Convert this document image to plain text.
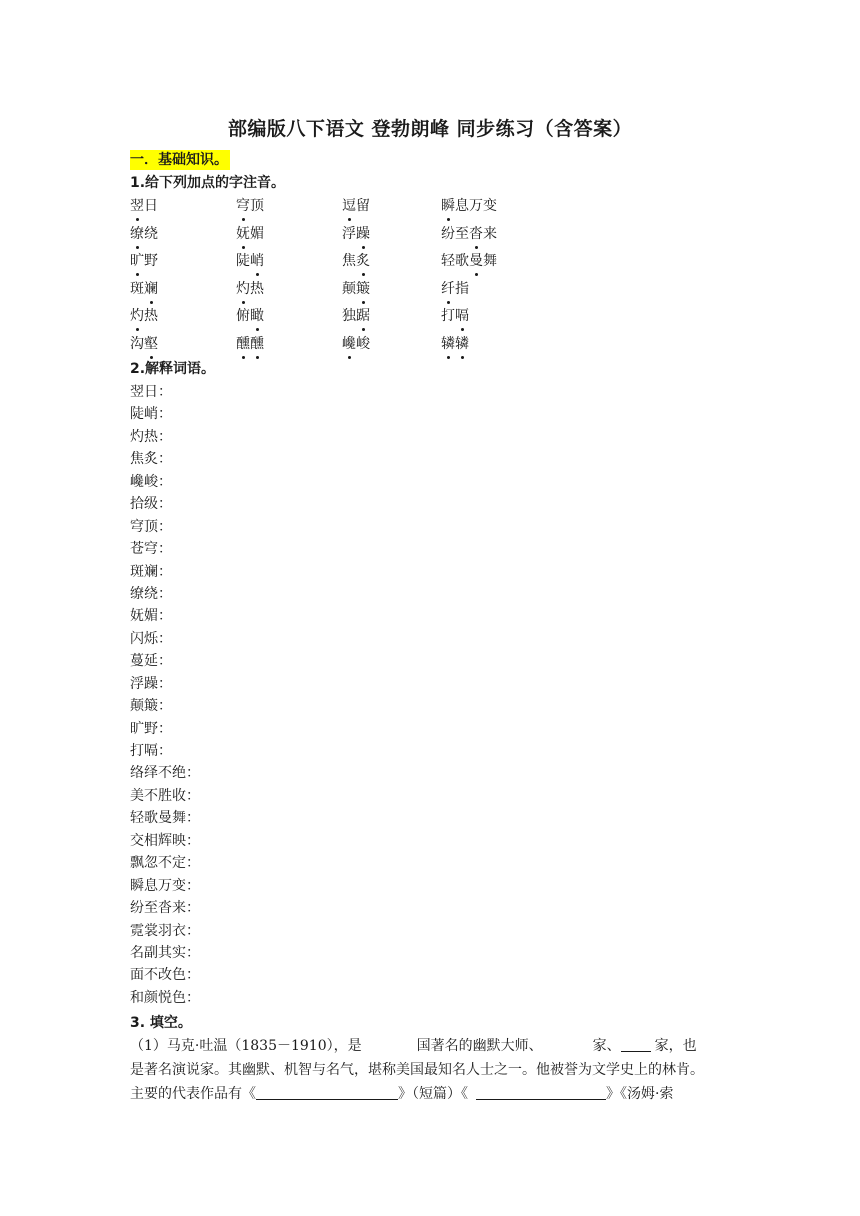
部编版八下语文 登勃朗峰 同步练习（含答案）
一．基础知识。
1.给下列加点的字注音。
翌日	穹顶	逗留	瞬息万变
缭绕	妩媚	浮躁	纷至沓来
旷野	陡峭	焦炙	轻歌曼舞
斑斓	灼热	颠簸	纤指
灼热	俯瞰	独踞	打嗝
沟壑	醺醺	巉峻	辚辚
2.解释词语。
翌日：
陡峭：
灼热：
焦炙：
巉峻：
拾级：
穹顶：
苍穹：
斑斓：
缭绕：
妩媚：
闪烁：
蔓延：
浮躁：
颠簸：
旷野：
打嗝：
络绎不绝：
美不胜收：
轻歌曼舞：
交相辉映：
飘忽不定：
瞬息万变：
纷至沓来：
霓裳羽衣：
名副其实：
面不改色：
和颜悦色：
3. 填空。
（1）马克·吐温（1835－1910），是	国著名的幽默大师、	家、 家，也
是著名演说家。其幽默、机智与名气，堪称美国最知名人士之一。他被誉为文学史上的林肯。
主要的代表作品有《	》（短篇）《	》《汤姆·索
